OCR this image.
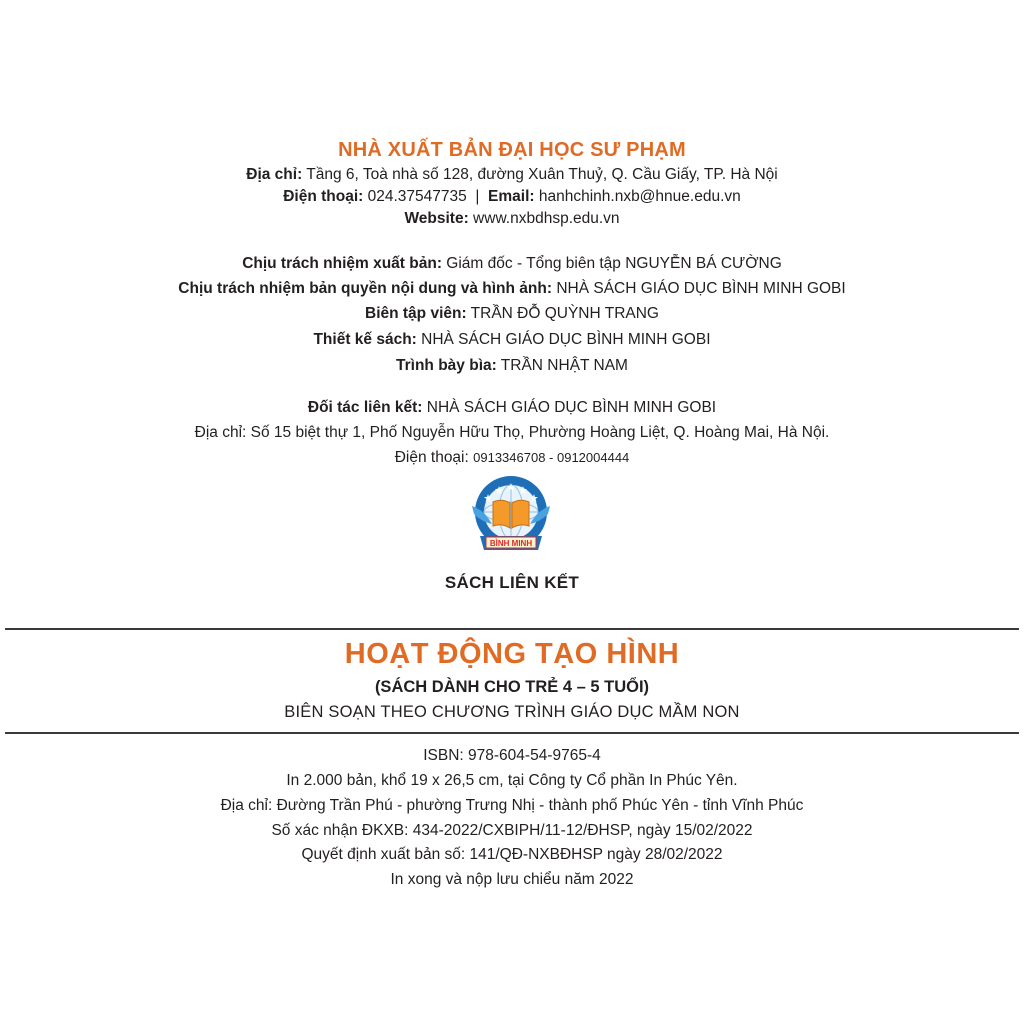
NHÀ XUẤT BẢN ĐẠI HỌC SƯ PHẠM
Địa chỉ: Tầng 6, Toà nhà số 128, đường Xuân Thuỷ, Q. Cầu Giấy, TP. Hà Nội
Điện thoại: 024.37547735  |  Email: hanhchinh.nxb@hnue.edu.vn
Website: www.nxbdhsp.edu.vn
Chịu trách nhiệm xuất bản: Giám đốc - Tổng biên tập NGUYỄN BÁ CƯỜNG
Chịu trách nhiệm bản quyền nội dung và hình ảnh: NHÀ SÁCH GIÁO DỤC BÌNH MINH GOBI
Biên tập viên: TRẦN ĐỖ QUỲNH TRANG
Thiết kế sách: NHÀ SÁCH GIÁO DỤC BÌNH MINH GOBI
Trình bày bìa: TRẦN NHẬT NAM
Đối tác liên kết: NHÀ SÁCH GIÁO DỤC BÌNH MINH GOBI
Địa chỉ: Số 15 biệt thự 1, Phố Nguyễn Hữu Thọ, Phường Hoàng Liệt, Q. Hoàng Mai, Hà Nội.
Điện thoại: 0913346708 - 0912004444
BÌNH MINH
SÁCH LIÊN KẾT
HOẠT ĐỘNG TẠO HÌNH
(SÁCH DÀNH CHO TRẺ 4 – 5 TUỔI)
BIÊN SOẠN THEO CHƯƠNG TRÌNH GIÁO DỤC MẦM NON
ISBN: 978-604-54-9765-4
In 2.000 bản, khổ 19 x 26,5 cm, tại Công ty Cổ phần In Phúc Yên.
Địa chỉ: Đường Trần Phú - phường Trưng Nhị - thành phố Phúc Yên - tỉnh Vĩnh Phúc
Số xác nhận ĐKXB: 434-2022/CXBIPH/11-12/ĐHSP, ngày 15/02/2022
Quyết định xuất bản số: 141/QĐ-NXBĐHSP ngày 28/02/2022
In xong và nộp lưu chiểu năm 2022
